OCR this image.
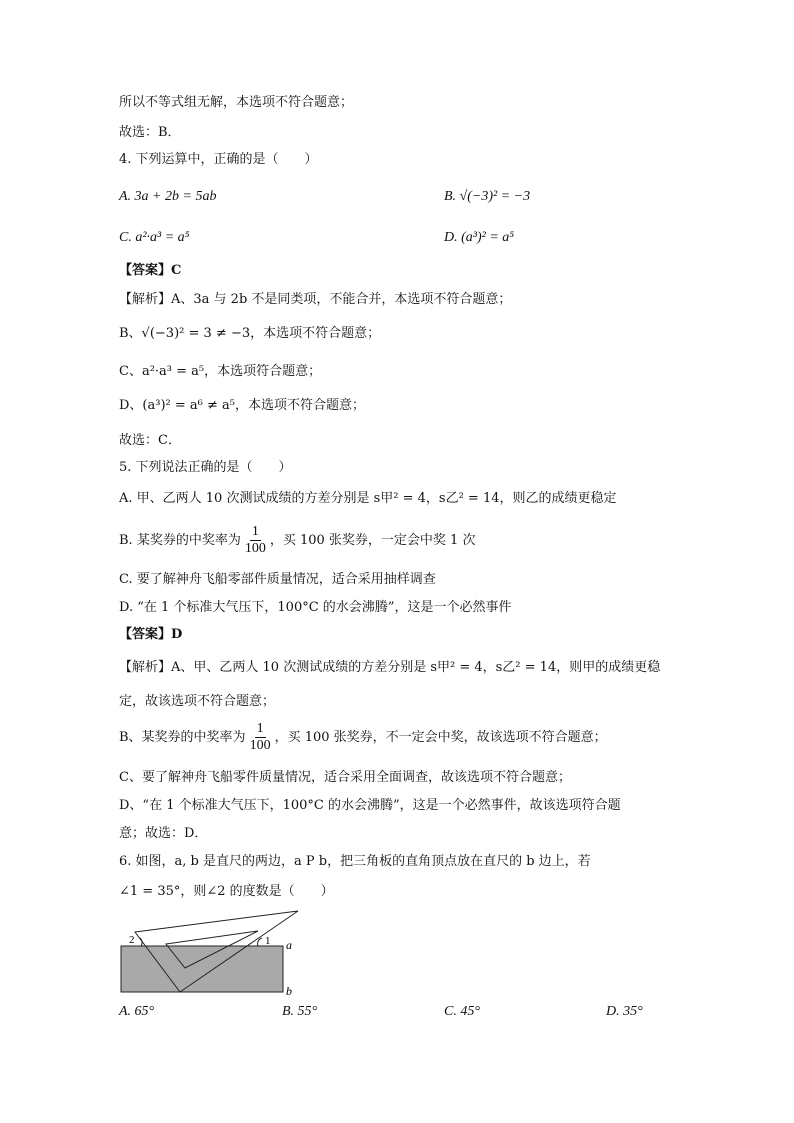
所以不等式组无解，本选项不符合题意；
故选：B．
4. 下列运算中，正确的是（　　）
A. 3a + 2b = 5ab	B. √(−3)² = −3
C. a²·a³ = a⁵	D. (a³)² = a⁵
【答案】C
【解析】A、3a 与 2b 不是同类项，不能合并，本选项不符合题意；
B、√(−3)² = 3 ≠ −3，本选项不符合题意；
C、a²·a³ = a⁵，本选项符合题意；
D、(a³)² = a⁶ ≠ a⁵，本选项不符合题意；
故选：C．
5. 下列说法正确的是（　　）
A. 甲、乙两人 10 次测试成绩的方差分别是 s甲² = 4，s乙² = 14，则乙的成绩更稳定
B. 某奖券的中奖率为 $\frac{1}{100}$ ，买 100 张奖券，一定会中奖 1 次
C. 要了解神舟飞船零部件质量情况，适合采用抽样调查
D. “在 1 个标准大气压下，100°C 的水会沸腾”，这是一个必然事件
【答案】D
【解析】A、甲、乙两人 10 次测试成绩的方差分别是 s甲² = 4，s乙² = 14，则甲的成绩更稳
定，故该选项不符合题意；
B、某奖券的中奖率为 $\frac{1}{100}$ ，买 100 张奖券，不一定会中奖，故该选项不符合题意；
C、要了解神舟飞船零件质量情况，适合采用全面调查，故该选项不符合题意；
D、“在 1 个标准大气压下，100°C 的水会沸腾”，这是一个必然事件，故该选项符合题
意；故选：D．
6. 如图，a, b 是直尺的两边，a P b，把三角板的直角顶点放在直尺的 b 边上，若
∠1 = 35°，则∠2 的度数是（　　）
1
2	a
b
A. 65°	B. 55°	C. 45°	D. 35°
